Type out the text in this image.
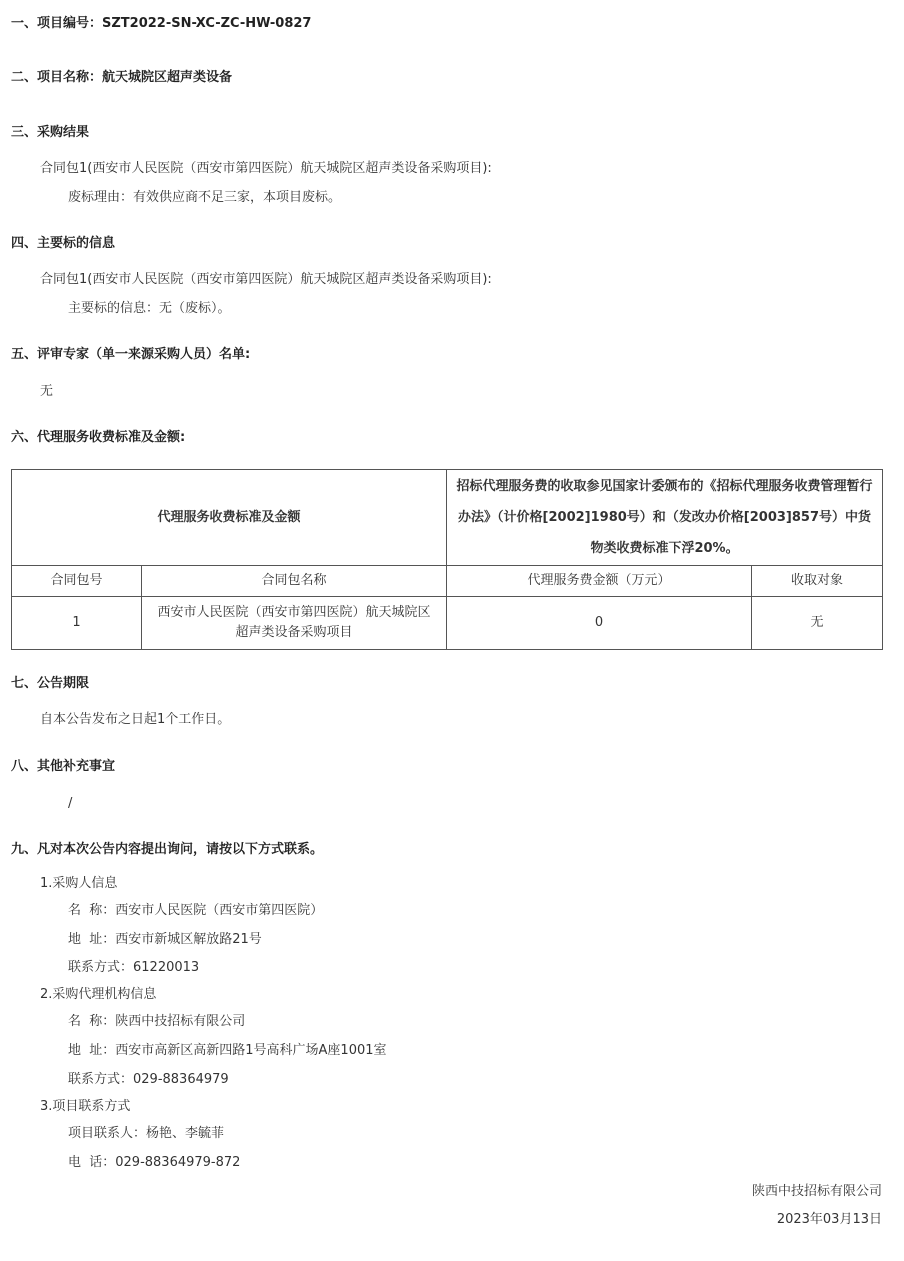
一、项目编号：SZT2022-SN-XC-ZC-HW-0827
二、项目名称：航天城院区超声类设备
三、采购结果
合同包1(西安市人民医院（西安市第四医院）航天城院区超声类设备采购项目):
废标理由：有效供应商不足三家，本项目废标。
四、主要标的信息
合同包1(西安市人民医院（西安市第四医院）航天城院区超声类设备采购项目):
主要标的信息：无（废标）。
五、评审专家（单一来源采购人员）名单:
无
六、代理服务收费标准及金额:
代理服务收费标准及金额		招标代理服务费的收取参见国家计委颁布的《招标代理服务收费管理暂行办法》（计价格[2002]1980号）和（发改办价格[2003]857号）中货物类收费标准下浮20%。	
合同包号	合同包名称	代理服务费金额（万元）	收取对象
1	西安市人民医院（西安市第四医院）航天城院区超声类设备采购项目	0	无
七、公告期限
自本公告发布之日起1个工作日。
八、其他补充事宜
/
九、凡对本次公告内容提出询问，请按以下方式联系。
1.采购人信息
名  称：西安市人民医院（西安市第四医院）
地  址：西安市新城区解放路21号
联系方式：61220013
2.采购代理机构信息
名  称：陕西中技招标有限公司
地  址：西安市高新区高新四路1号高科广场A座1001室
联系方式：029-88364979
3.项目联系方式
项目联系人：杨艳、李毓菲
电  话：029-88364979-872
陕西中技招标有限公司
2023年03月13日
